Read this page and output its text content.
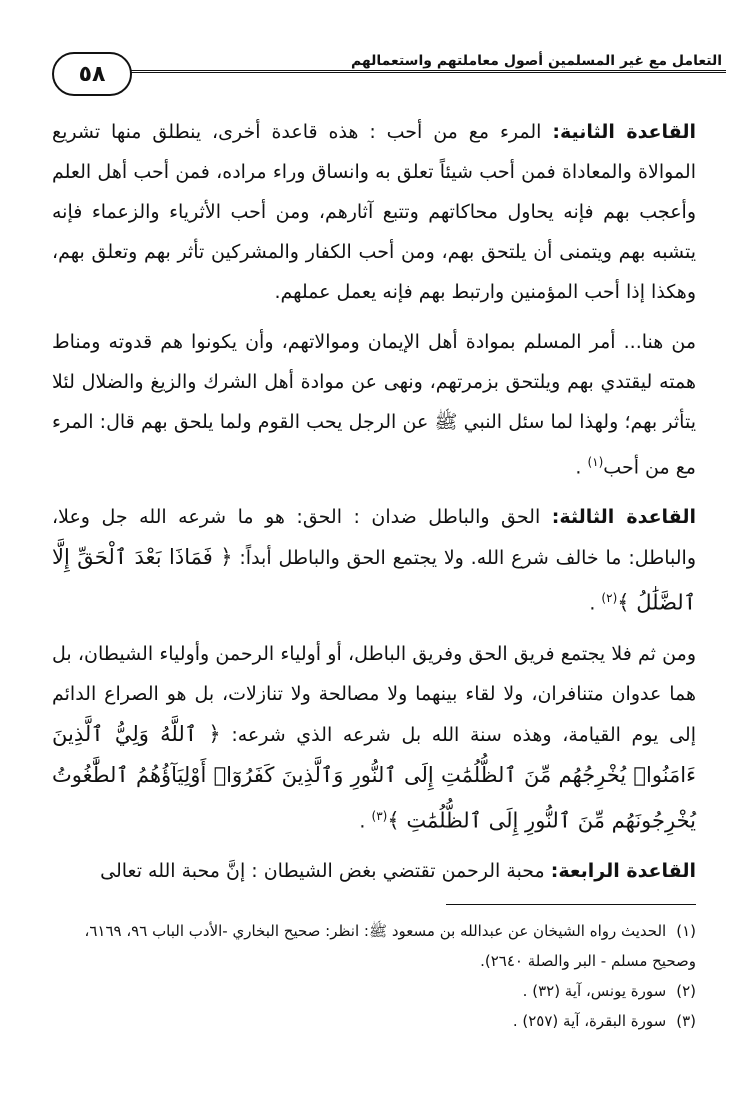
التعامل مع غير المسلمين أصول معاملتهم واستعمالهم
٥٨

القاعدة الثانية: المرء مع من أحب : هذه قاعدة أخرى، ينطلق منها تشريع الموالاة والمعاداة فمن أحب شيئاً تعلق به وانساق وراء مراده، فمن أحب أهل العلم وأعجب بهم فإنه يحاول محاكاتهم وتتبع آثارهم، ومن أحب الأثرياء والزعماء فإنه يتشبه بهم ويتمنى أن يلتحق بهم، ومن أحب الكفار والمشركين تأثر بهم وتعلق بهم، وهكذا إذا أحب المؤمنين وارتبط بهم فإنه يعمل عملهم.

من هنا... أمر المسلم بموادة أهل الإيمان وموالاتهم، وأن يكونوا هم قدوته ومناط همته ليقتدي بهم ويلتحق بزمرتهم، ونهى عن موادة أهل الشرك والزيغ والضلال لئلا يتأثر بهم؛ ولهذا لما سئل النبي ﷺ عن الرجل يحب القوم ولما يلحق بهم قال: المرء مع من أحب$^{(١)}$ .

القاعدة الثالثة: الحق والباطل ضدان : الحق: هو ما شرعه الله جل وعلا، والباطل: ما خالف شرع الله. ولا يجتمع الحق والباطل أبداً: ﴿ فَمَاذَا بَعْدَ ٱلْحَقِّ إِلَّا ٱلضَّلَٰلُ ﴾$^{(٢)}$ .

ومن ثم فلا يجتمع فريق الحق وفريق الباطل، أو أولياء الرحمن وأولياء الشيطان، بل هما عدوان متنافران، ولا لقاء بينهما ولا مصالحة ولا تنازلات، بل هو الصراع الدائم إلى يوم القيامة، وهذه سنة الله بل شرعه الذي شرعه: ﴿ ٱللَّهُ وَلِيُّ ٱلَّذِينَ ءَامَنُوا۟ يُخْرِجُهُم مِّنَ ٱلظُّلُمَٰتِ إِلَى ٱلنُّورِ وَٱلَّذِينَ كَفَرُوٓا۟ أَوْلِيَآؤُهُمُ ٱلطَّٰغُوتُ يُخْرِجُونَهُم مِّنَ ٱلنُّورِ إِلَى ٱلظُّلُمَٰتِ ﴾$^{(٣)}$ .

القاعدة الرابعة: محبة الرحمن تقتضي بغض الشيطان : إنَّ محبة الله تعالى

(١)الحديث رواه الشيخان عن عبدالله بن مسعود ﷺ: انظر: صحيح البخاري -الأدب الباب ٩٦، ٦١٦٩، وصحيح مسلم - البر والصلة ٢٦٤٠).

(٢)سورة يونس، آية (٣٢) .

(٣)سورة البقرة، آية (٢٥٧) .
